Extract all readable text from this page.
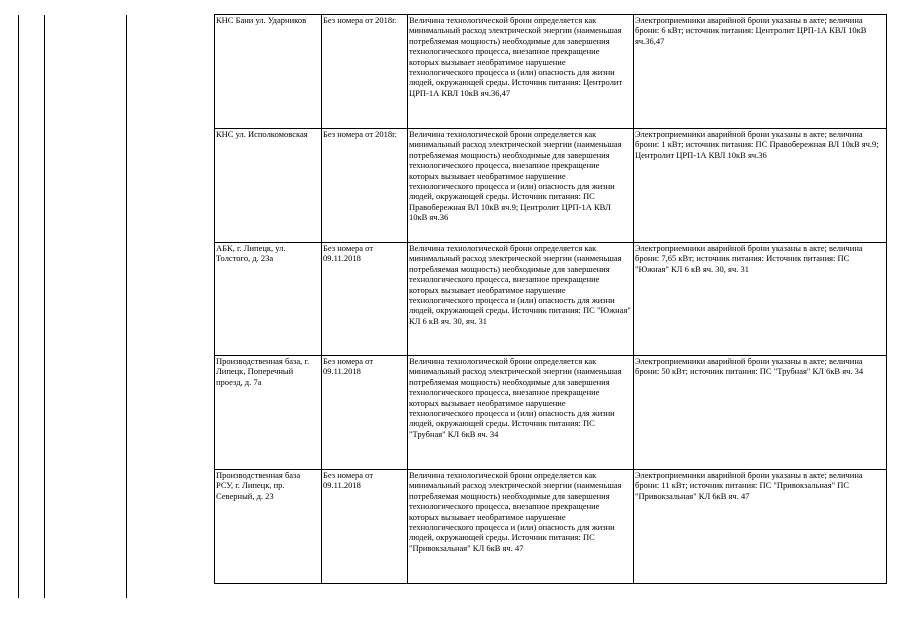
КНС Бани ул. Ударников	Без номера от 2018г.	Величина технологической брони определяется как минимальный расход электрической энергии (наименьшая потребляемая мощность) необходимые для завершения технологического процесса, внезапное прекращение которых вызывает необратимое нарушение технологического процесса и (или) опасность для жизни людей, окружающей среды. Источник питания: Центролит ЦРП-1А КВЛ 10кВ яч.36,47	Электроприемники аварийной брони указаны в акте; величина брони: 6 кВт; источник питания: Центролит ЦРП-1А КВЛ 10кВ яч.36,47
КНС ул. Исполкомовская	Без номера от 2018г.	Величина технологической брони определяется как минимальный расход электрической энергии (наименьшая потребляемая мощность) необходимые для завершения технологического процесса, внезапное прекращение которых вызывает необратимое нарушение технологического процесса и (или) опасность для жизни людей, окружающей среды. Источник питания: ПС Правобережная ВЛ 10кВ яч.9; Центролит ЦРП-1А КВЛ 10кВ яч.36	Электроприемники аварийной брони указаны в акте; величина брони: 1 кВт; источник питания: ПС Правобережная ВЛ 10кВ яч.9; Центролит ЦРП-1А КВЛ 10кВ яч.36
АБК, г. Липецк, ул. Толстого, д. 23а	Без номера от 09.11.2018	Величина технологической брони определяется как минимальный расход электрической энергии (наименьшая потребляемая мощность) необходимые для завершения технологического процесса, внезапное прекращение которых вызывает необратимое нарушение технологического процесса и (или) опасность для жизни людей, окружающей среды. Источник питания: ПС "Южная" КЛ 6 кВ яч. 30, яч. 31	Электроприемники аварийной брони указаны в акте; величина брони: 7,65 кВт; источник питания: Источник питания: ПС "Южная" КЛ 6 кВ яч. 30, яч. 31
Производственная база, г. Липецк, Поперечный проезд, д. 7а	Без номера от 09.11.2018	Величина технологической брони определяется как минимальный расход электрической энергии (наименьшая потребляемая мощность) необходимые для завершения технологического процесса, внезапное прекращение которых вызывает необратимое нарушение технологического процесса и (или) опасность для жизни людей, окружающей среды. Источник питания: ПС "Трубная" КЛ 6кВ яч. 34	Электроприемники аварийной брони указаны в акте; величина брони: 50 кВт; источник питания: ПС "Трубная" КЛ 6кВ яч. 34
Производственная база РСУ, г. Липецк, пр. Северный, д. 23	Без номера от 09.11.2018	Величина технологической брони определяется как минимальный расход электрической энергии (наименьшая потребляемая мощность) необходимые для завершения технологического процесса, внезапное прекращение которых вызывает необратимое нарушение технологического процесса и (или) опасность для жизни людей, окружающей среды. Источник питания: ПС "Привокзальная" КЛ 6кВ яч. 47	Электроприемники аварийной брони указаны в акте; величина брони: 11 кВт; источник питания: ПС "Привокзальная" ПС "Привокзальная" КЛ 6кВ яч. 47
